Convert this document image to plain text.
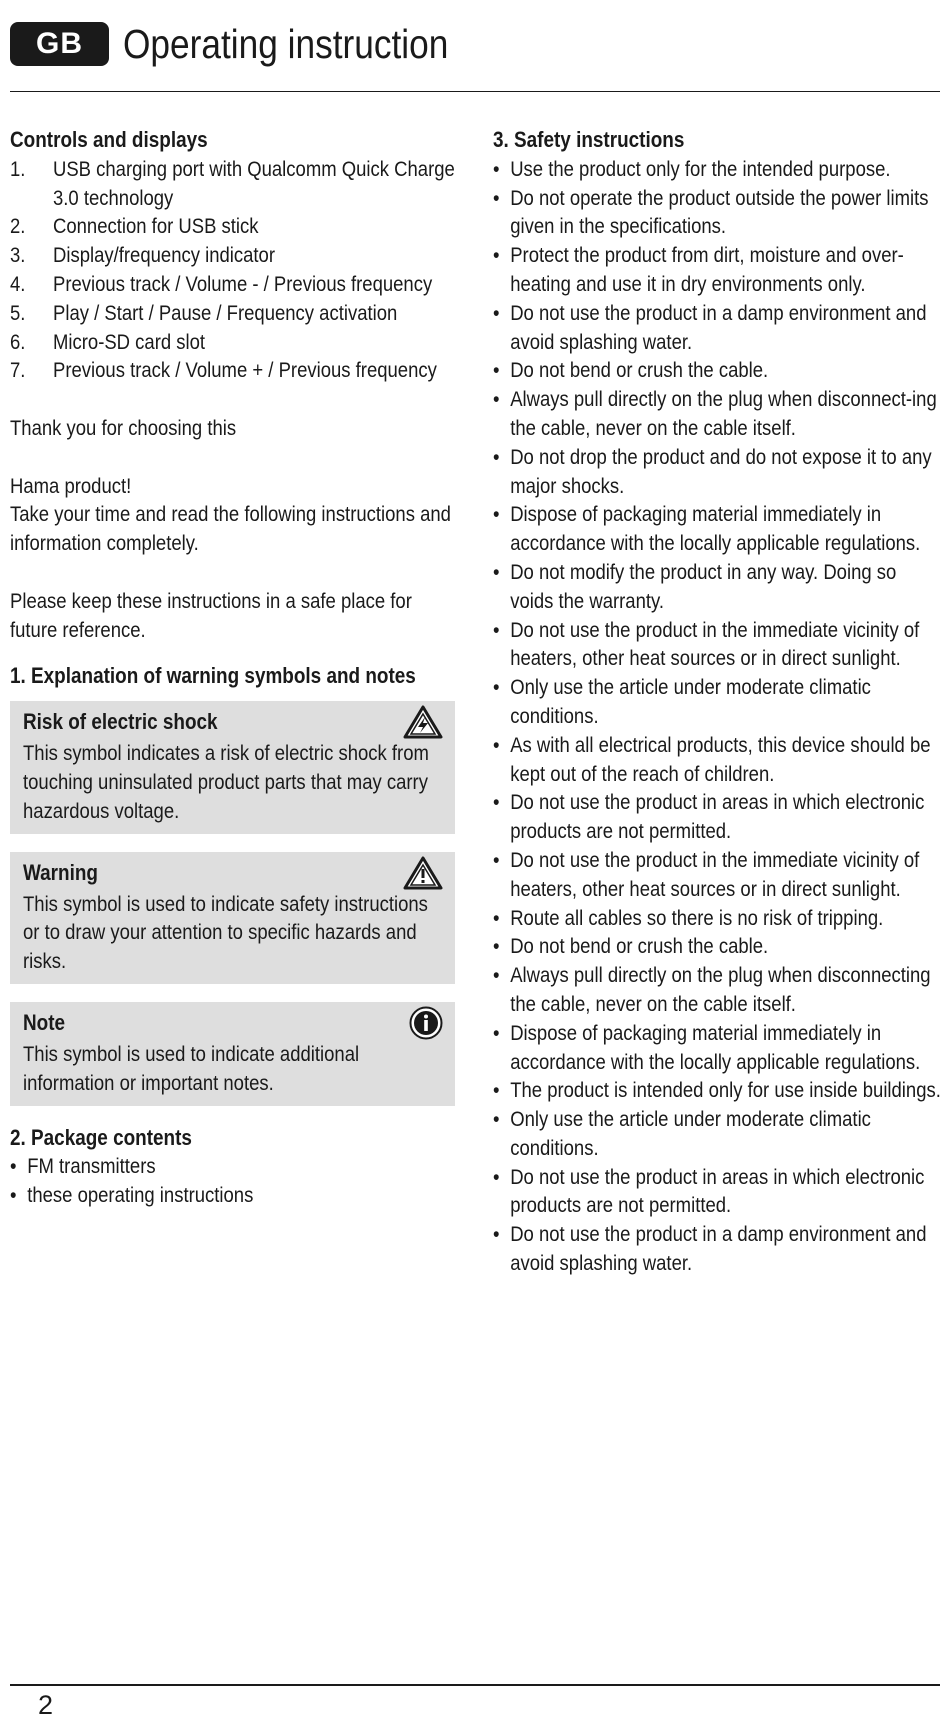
GB Operating instruction
Controls and displays
1.	USB charging port with Qualcomm Quick Charge 3.0 technology
2.	Connection for USB stick
3.	Display/frequency indicator
4.	Previous track / Volume - / Previous frequency
5.	Play / Start / Pause / Frequency activation
6.	Micro-SD card slot
7.	Previous track / Volume + / Previous frequency

Thank you for choosing this

Hama product!

Take your time and read the following instructions and information completely.

Please keep these instructions in a safe place for future reference.

1. Explanation of warning symbols and notes
Risk of electric shock

This symbol indicates a risk of electric shock from touching uninsulated product parts that may carry hazardous voltage.

Warning

This symbol is used to indicate safety instructions or to draw your attention to specific hazards and risks.

Note

This symbol is used to indicate additional information or important notes.

2. Package contents
• FM transmitters
• these operating instructions
3. Safety instructions
• Use the product only for the intended purpose.
• Do not operate the product outside the power limits given in the specifications.
• Protect the product from dirt, moisture and over-heating and use it in dry environments only.
• Do not use the product in a damp environment and avoid splashing water.
• Do not bend or crush the cable.
• Always pull directly on the plug when disconnect-ing the cable, never on the cable itself.
• Do not drop the product and do not expose it to any major shocks.
• Dispose of packaging material immediately in accordance with the locally applicable regulations.
• Do not modify the product in any way. Doing so voids the warranty.
• Do not use the product in the immediate vicinity of heaters, other heat sources or in direct sunlight.
• Only use the article under moderate climatic conditions.
• As with all electrical products, this device should be kept out of the reach of children.
• Do not use the product in areas in which electronic products are not permitted.
• Do not use the product in the immediate vicinity of heaters, other heat sources or in direct sunlight.
• Route all cables so there is no risk of tripping.
• Do not bend or crush the cable.
• Always pull directly on the plug when disconnecting the cable, never on the cable itself.
• Dispose of packaging material immediately in accordance with the locally applicable regulations.
• The product is intended only for use inside buildings.
• Only use the article under moderate climatic conditions.
• Do not use the product in areas in which electronic products are not permitted.
• Do not use the product in a damp environment and avoid splashing water.
2
